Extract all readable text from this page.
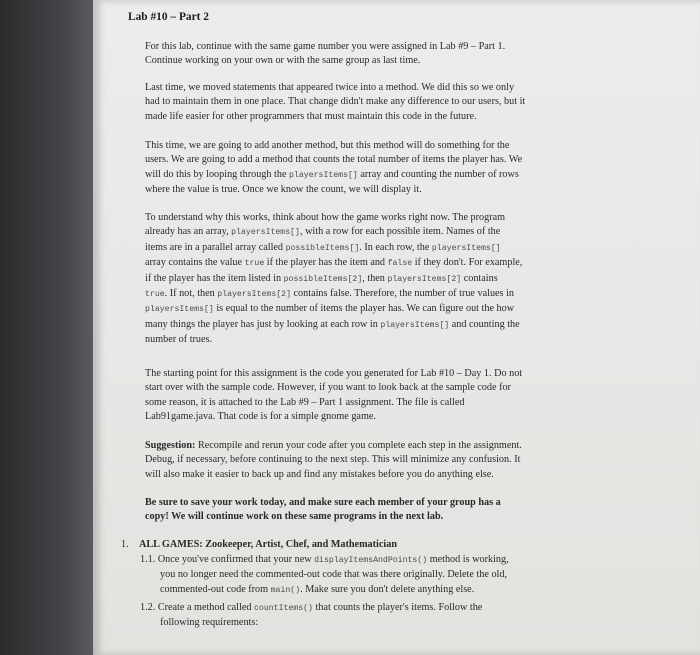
Lab #10 – Part 2

For this lab, continue with the same game number you were assigned in Lab #9 – Part 1.
Continue working on your own or with the same group as last time.

Last time, we moved statements that appeared twice into a method. We did this so we only
had to maintain them in one place. That change didn't make any difference to our users, but it
made life easier for other programmers that must maintain this code in the future.

This time, we are going to add another method, but this method will do something for the
users. We are going to add a method that counts the total number of items the player has. We
will do this by looping through the playersItems[] array and counting the number of rows
where the value is true. Once we know the count, we will display it.

To understand why this works, think about how the game works right now. The program
already has an array, playersItems[], with a row for each possible item. Names of the
items are in a parallel array called possibleItems[]. In each row, the playersItems[]
array contains the value true if the player has the item and false if they don't. For example,
if the player has the item listed in possibleItems[2], then playersItems[2] contains
true. If not, then playersItems[2] contains false. Therefore, the number of true values in
playersItems[] is equal to the number of items the player has. We can figure out the how
many things the player has just by looking at each row in playersItems[] and counting the
number of trues.

The starting point for this assignment is the code you generated for Lab #10 – Day 1. Do not
start over with the sample code. However, if you want to look back at the sample code for
some reason, it is attached to the Lab #9 – Part 1 assignment. The file is called
Lab91game.java. That code is for a simple gnome game.

Suggestion: Recompile and rerun your code after you complete each step in the assignment.
Debug, if necessary, before continuing to the next step. This will minimize any confusion. It
will also make it easier to back up and find any mistakes before you do anything else.

Be sure to save your work today, and make sure each member of your group has a
copy! We will continue work on these same programs in the next lab.

1. ALL GAMES: Zookeeper, Artist, Chef, and Mathematician
1.1. Once you've confirmed that your new displayItemsAndPoints() method is working,
you no longer need the commented-out code that was there originally. Delete the old,
commented-out code from main(). Make sure you don't delete anything else.
1.2. Create a method called countItems() that counts the player's items. Follow the
following requirements:
